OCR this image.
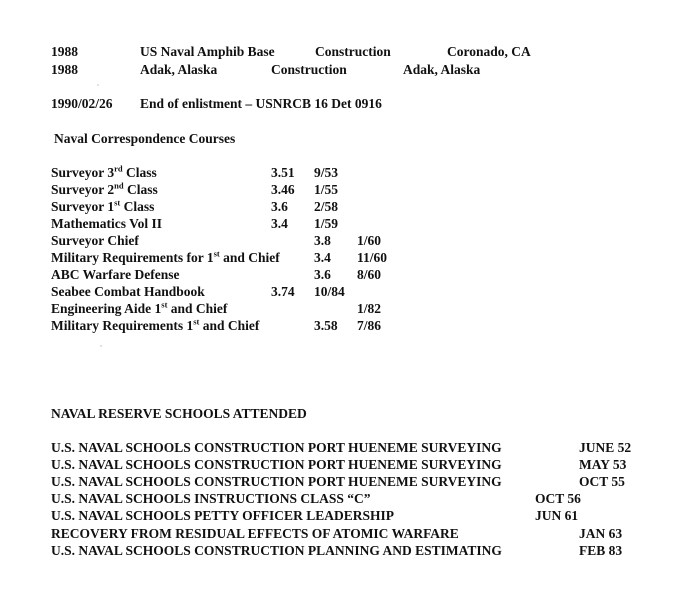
1988	US Naval Amphib Base	Construction	Coronado, CA
1988	Adak, Alaska	Construction	Adak, Alaska
1990/02/26 End of enlistment – USNRCB 16 Det 0916
Naval Correspondence Courses
Surveyor 3rd Class	3.51 9/53
Surveyor 2nd Class	3.46 1/55
Surveyor 1st Class	3.6 2/58
Mathematics Vol II	3.4 1/59
Surveyor Chief	3.8 1/60
Military Requirements for 1st and Chief	3.4 11/60
ABC Warfare Defense	3.6 8/60
Seabee Combat Handbook	3.74 10/84
Engineering Aide 1st and Chief	1/82
Military Requirements 1st and Chief	3.58 7/86
NAVAL RESERVE SCHOOLS ATTENDED
U.S. NAVAL SCHOOLS CONSTRUCTION PORT HUENEME SURVEYING	JUNE 52
U.S. NAVAL SCHOOLS CONSTRUCTION PORT HUENEME SURVEYING	MAY 53
U.S. NAVAL SCHOOLS CONSTRUCTION PORT HUENEME SURVEYING	OCT 55
U.S. NAVAL SCHOOLS INSTRUCTIONS CLASS “C”	OCT 56
U.S. NAVAL SCHOOLS PETTY OFFICER LEADERSHIP	JUN 61
RECOVERY FROM RESIDUAL EFFECTS OF ATOMIC WARFARE	JAN 63
U.S. NAVAL SCHOOLS CONSTRUCTION PLANNING AND ESTIMATING	FEB 83
